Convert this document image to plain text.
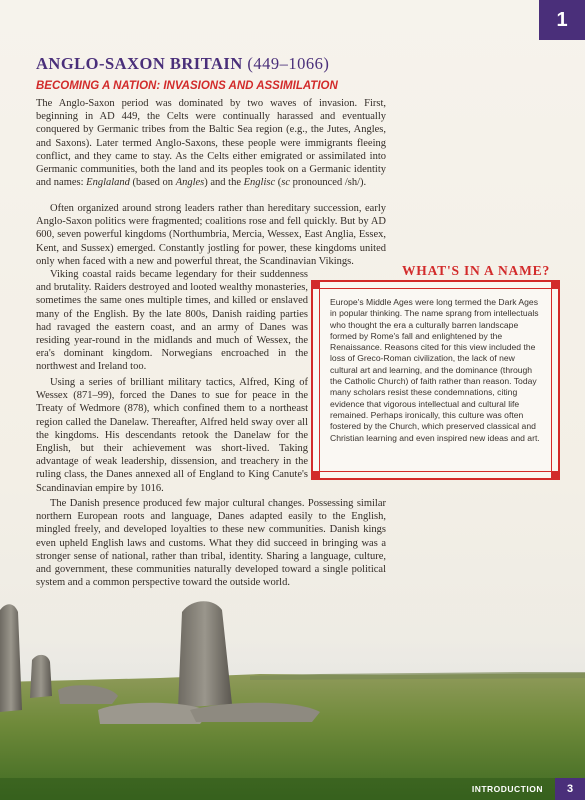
1
ANGLO-SAXON BRITAIN (449–1066)
BECOMING A NATION: INVASIONS AND ASSIMILATION

The Anglo-Saxon period was dominated by two waves of invasion. First, beginning in AD 449, the Celts were continually harassed and eventually conquered by Germanic tribes from the Baltic Sea region (e.g., the Jutes, Angles, and Saxons). Later termed Anglo-Saxons, these people were immigrants fleeing conflict, and they came to stay. As the Celts either emigrated or assimilated into Germanic communities, both the land and its peoples took on a Germanic identity and names: Englaland (based on Angles) and the Englisc (sc pronounced /sh/).

Often organized around strong leaders rather than hereditary succession, early Anglo-Saxon politics were fragmented; coalitions rose and fell quickly. But by AD 600, seven powerful kingdoms (Northumbria, Mercia, Wessex, East Anglia, Essex, Kent, and Sussex) emerged. Constantly jostling for power, these kingdoms united only when faced with a new and powerful threat, the Scandinavian Vikings.

Viking coastal raids became legendary for their suddenness and brutality. Raiders destroyed and looted wealthy monasteries, sometimes the same ones multiple times, and killed or enslaved many of the English. By the late 800s, Danish raiding parties had ravaged the eastern coast, and an army of Danes was residing year-round in the midlands and much of Wessex, the era's dominant kingdom. Norwegians encroached in the northwest and Ireland too.

Using a series of brilliant military tactics, Alfred, King of Wessex (871–99), forced the Danes to sue for peace in the Treaty of Wedmore (878), which confined them to a northeast region called the Danelaw. Thereafter, Alfred held sway over all the kingdoms. His descendants retook the Danelaw for the English, but their achievement was short-lived. Taking advantage of weak leadership, dissension, and treachery in the ruling class, the Danes annexed all of England to King Canute's Scandinavian empire by 1016.

The Danish presence produced few major cultural changes. Possessing similar northern European roots and language, Danes adapted easily to the English, mingled freely, and developed loyalties to these new communities. Danish kings even upheld English laws and customs. What they did succeed in bringing was a stronger sense of national, rather than tribal, identity. Sharing a language, culture, and government, these communities naturally developed toward a single political system and a common perspective toward the outside world.

WHAT'S IN A NAME?

Europe's Middle Ages were long termed the Dark Ages in popular thinking. The name sprang from intellectuals who thought the era a culturally barren landscape formed by Rome's fall and enlightened by the Renaissance. Reasons cited for this view included the loss of Greco-Roman civilization, the lack of new cultural art and learning, and the dominance (through the Catholic Church) of faith rather than reason. Today many scholars resist these condemnations, citing evidence that vigorous intellectual and cultural life remained. Perhaps ironically, this culture was often fostered by the Church, which preserved classical and Christian learning and even inspired new ideas and art.

INTRODUCTION 3
